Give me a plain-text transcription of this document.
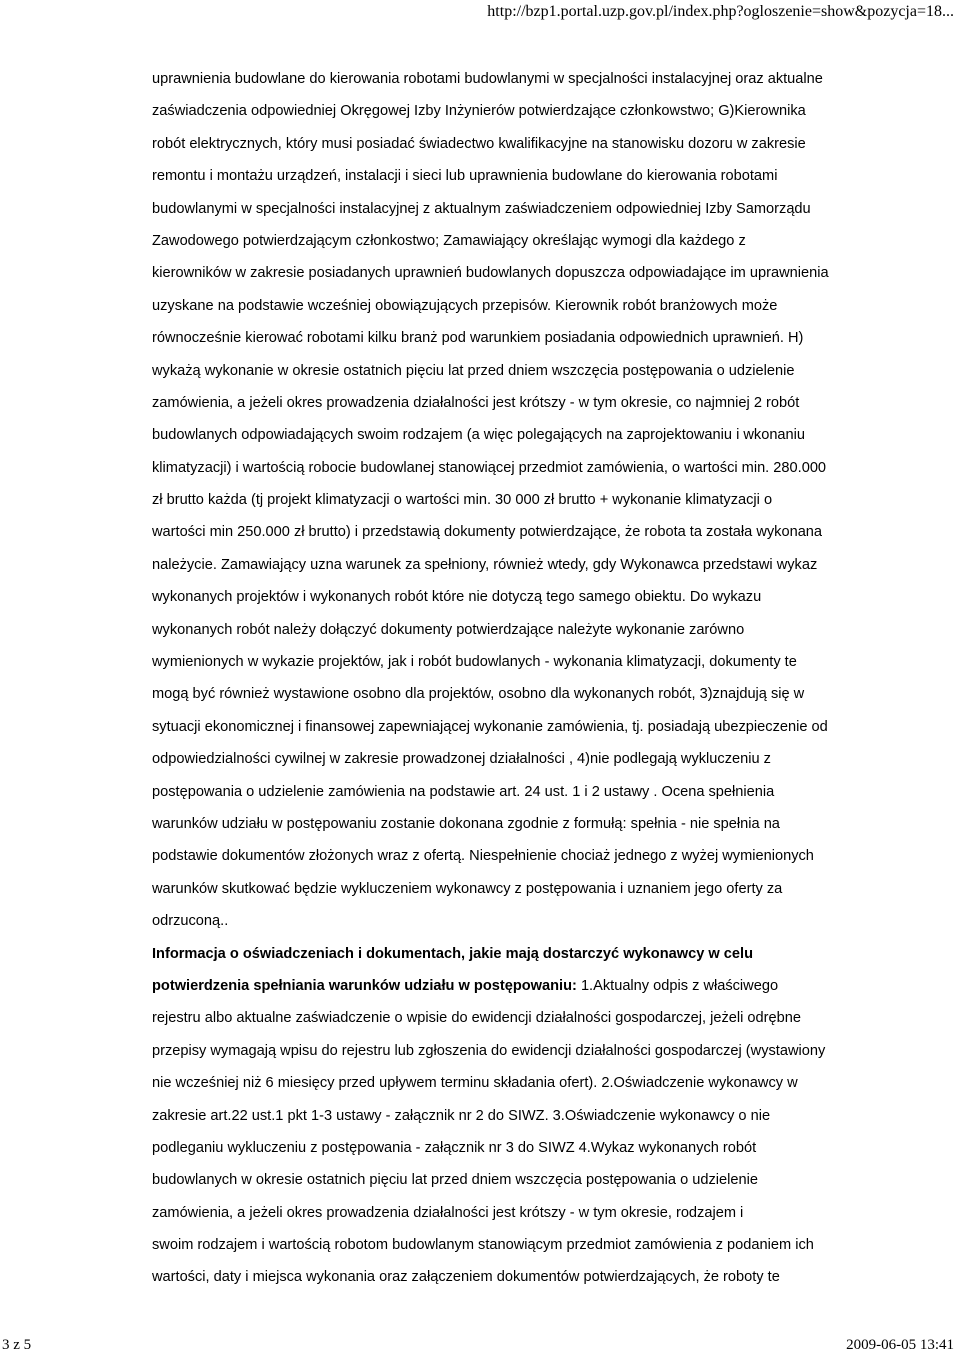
http://bzp1.portal.uzp.gov.pl/index.php?ogloszenie=show&pozycja=18...
uprawnienia budowlane do kierowania robotami budowlanymi w specjalności instalacyjnej oraz aktualne
zaświadczenia odpowiedniej Okręgowej Izby Inżynierów potwierdzające członkowstwo; G)Kierownika
robót elektrycznych, który musi posiadać świadectwo kwalifikacyjne na stanowisku dozoru w zakresie
remontu i montażu urządzeń, instalacji i sieci lub uprawnienia budowlane do kierowania robotami
budowlanymi w specjalności instalacyjnej z aktualnym zaświadczeniem odpowiedniej Izby Samorządu
Zawodowego potwierdzającym członkostwo; Zamawiający określając wymogi dla każdego z
kierowników w zakresie posiadanych uprawnień budowlanych dopuszcza odpowiadające im uprawnienia
uzyskane na podstawie wcześniej obowiązujących przepisów. Kierownik robót branżowych może
równocześnie kierować robotami kilku branż pod warunkiem posiadania odpowiednich uprawnień. H)
wykażą wykonanie w okresie ostatnich pięciu lat przed dniem wszczęcia postępowania o udzielenie
zamówienia, a jeżeli okres prowadzenia działalności jest krótszy - w tym okresie, co najmniej 2 robót
budowlanych odpowiadających swoim rodzajem (a więc polegających na zaprojektowaniu i wkonaniu
klimatyzacji) i wartością robocie budowlanej stanowiącej przedmiot zamówienia, o wartości min. 280.000
zł brutto każda (tj projekt klimatyzacji o wartości min. 30 000 zł brutto + wykonanie klimatyzacji o
wartości min 250.000 zł brutto) i przedstawią dokumenty potwierdzające, że robota ta została wykonana
należycie. Zamawiający uzna warunek za spełniony, również wtedy, gdy Wykonawca przedstawi wykaz
wykonanych projektów i wykonanych robót które nie dotyczą tego samego obiektu. Do wykazu
wykonanych robót należy dołączyć dokumenty potwierdzające należyte wykonanie zarówno
wymienionych w wykazie projektów, jak i robót budowlanych - wykonania klimatyzacji, dokumenty te
mogą być również wystawione osobno dla projektów, osobno dla wykonanych robót, 3)znajdują się w
sytuacji ekonomicznej i finansowej zapewniającej wykonanie zamówienia, tj. posiadają ubezpieczenie od
odpowiedzialności cywilnej w zakresie prowadzonej działalności , 4)nie podlegają wykluczeniu z
postępowania o udzielenie zamówienia na podstawie art. 24 ust. 1 i 2 ustawy . Ocena spełnienia
warunków udziału w postępowaniu zostanie dokonana zgodnie z formułą: spełnia - nie spełnia na
podstawie dokumentów złożonych wraz z ofertą. Niespełnienie chociaż jednego z wyżej wymienionych
warunków skutkować będzie wykluczeniem wykonawcy z postępowania i uznaniem jego oferty za
odrzuconą..
Informacja o oświadczeniach i dokumentach, jakie mają dostarczyć wykonawcy w celu
potwierdzenia spełniania warunków udziału w postępowaniu: 1.Aktualny odpis z właściwego
rejestru albo aktualne zaświadczenie o wpisie do ewidencji działalności gospodarczej, jeżeli odrębne
przepisy wymagają wpisu do rejestru lub zgłoszenia do ewidencji działalności gospodarczej (wystawiony
nie wcześniej niż 6 miesięcy przed upływem terminu składania ofert). 2.Oświadczenie wykonawcy w
zakresie art.22 ust.1 pkt 1-3 ustawy - załącznik nr 2 do SIWZ. 3.Oświadczenie wykonawcy o nie
podleganiu wykluczeniu z postępowania - załącznik nr 3 do SIWZ 4.Wykaz wykonanych robót
budowlanych w okresie ostatnich pięciu lat przed dniem wszczęcia postępowania o udzielenie
zamówienia, a jeżeli okres prowadzenia działalności jest krótszy - w tym okresie, rodzajem i
swoim rodzajem i wartością robotom budowlanym stanowiącym przedmiot zamówienia z podaniem ich
wartości, daty i miejsca wykonania oraz załączeniem dokumentów potwierdzających, że roboty te
3 z 5	2009-06-05 13:41
